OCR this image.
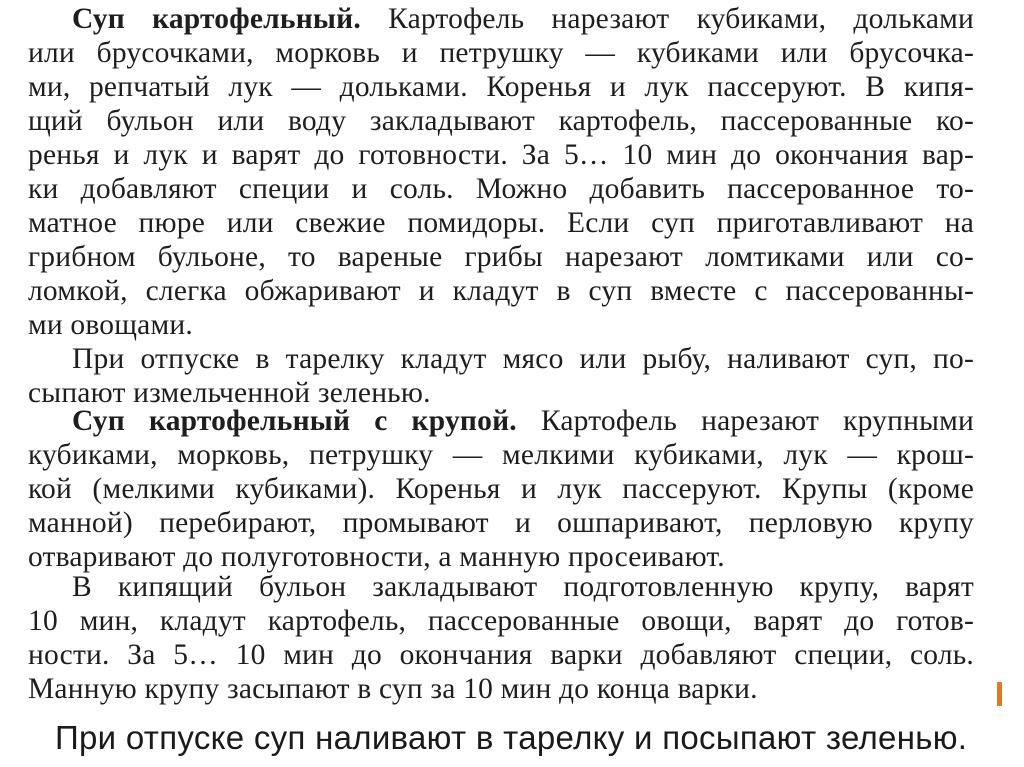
Суп картофельный. Картофель нарезают кубиками, дольками
или брусочками, морковь и петрушку — кубиками или брусочка-
ми, репчатый лук — дольками. Коренья и лук пассеруют. В кипя-
щий бульон или воду закладывают картофель, пассерованные ко-
ренья и лук и варят до готовности. За 5… 10 мин до окончания вар-
ки добавляют специи и соль. Можно добавить пассерованное то-
матное пюре или свежие помидоры. Если суп приготавливают на
грибном бульоне, то вареные грибы нарезают ломтиками или со-
ломкой, слегка обжаривают и кладут в суп вместе с пассерованны-
ми овощами.
При отпуске в тарелку кладут мясо или рыбу, наливают суп, по-
сыпают измельченной зеленью.
Суп картофельный с крупой. Картофель нарезают крупными
кубиками, морковь, петрушку — мелкими кубиками, лук — крош-
кой (мелкими кубиками). Коренья и лук пассеруют. Крупы (кроме
манной) перебирают, промывают и ошпаривают, перловую крупу
отваривают до полуготовности, а манную просеивают.
В кипящий бульон закладывают подготовленную крупу, варят
10 мин, кладут картофель, пассерованные овощи, варят до готов-
ности. За 5… 10 мин до окончания варки добавляют специи, соль.
Манную крупу засыпают в суп за 10 мин до конца варки.
При отпуске суп наливают в тарелку и посыпают зеленью.
